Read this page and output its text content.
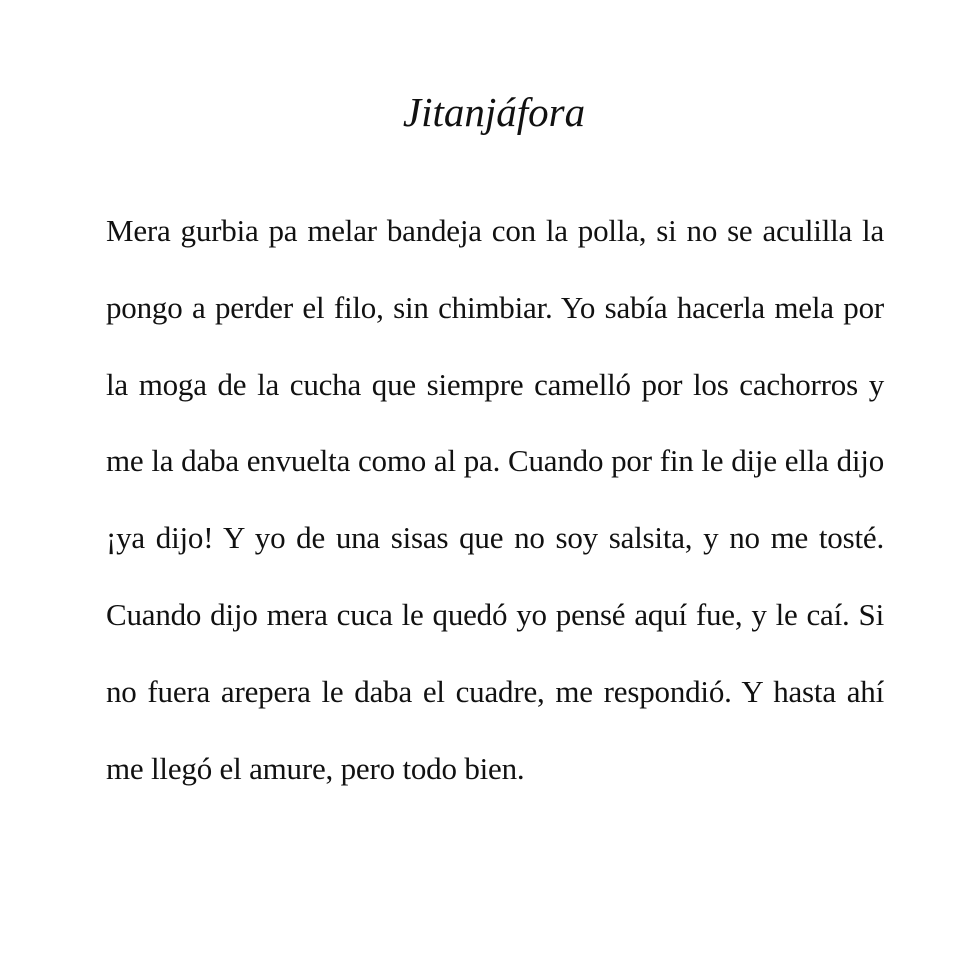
Jitanjáfora

Mera gurbia pa melar bandeja con la polla, si no se aculilla la pongo a perder el filo, sin chimbiar. Yo sabía hacerla mela por la moga de la cucha que siempre camelló por los cachorros y me la daba envuelta como al pa. Cuando por fin le dije ella dijo ¡ya dijo! Y yo de una sisas que no soy salsita, y no me tosté. Cuando dijo mera cuca le quedó yo pensé aquí fue, y le caí. Si no fuera arepera le daba el cuadre, me respondió. Y hasta ahí me llegó el amure, pero todo bien.
